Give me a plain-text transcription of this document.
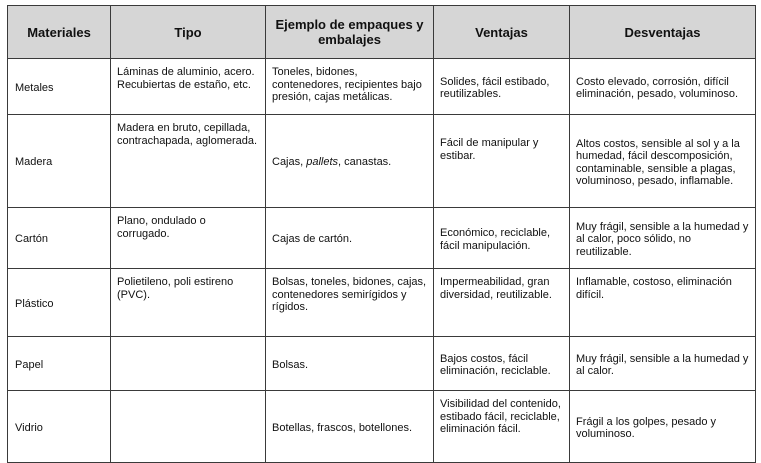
Materiales	Tipo	Ejemplo de empaques y embalajes	Ventajas	Desventajas
Metales	Láminas de aluminio, acero. Recubiertas de estaño, etc.	Toneles, bidones, contenedores, recipientes bajo presión, cajas metálicas.	Solides, fácil estibado, reutilizables.	Costo elevado, corrosión, difícil eliminación, pesado, voluminoso.
Madera	Madera en bruto, cepillada, contrachapada, aglomerada.	Cajas, pallets, canastas.	Fácil de manipular y estibar.	Altos costos, sensible al sol y a la humedad, fácil descomposición, contaminable, sensible a plagas, voluminoso, pesado, inflamable.
Cartón	Plano, ondulado o corrugado.	Cajas de cartón.	Económico, reciclable, fácil manipulación.	Muy frágil, sensible a la humedad y al calor, poco sólido, no reutilizable.
Plástico	Polietileno, poli estireno (PVC).	Bolsas, toneles, bidones, cajas, contenedores semirígidos y rígidos.	Impermeabilidad, gran diversidad, reutilizable.	Inflamable, costoso, eliminación difícil.
Papel		Bolsas.	Bajos costos, fácil eliminación, reciclable.	Muy frágil, sensible a la humedad y al calor.
Vidrio		Botellas, frascos, botellones.	Visibilidad del contenido, estibado fácil, reciclable, eliminación fácil.	Frágil a los golpes, pesado y voluminoso.
